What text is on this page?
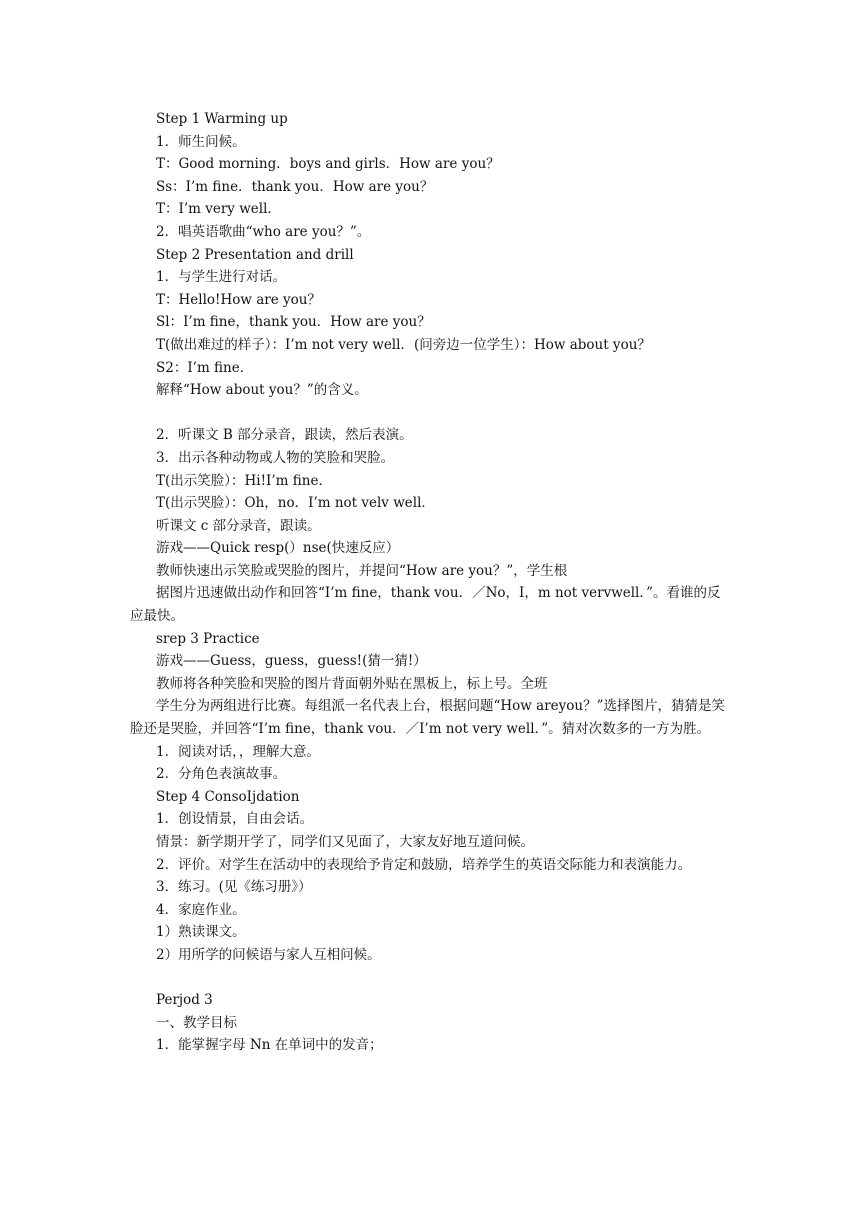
Step 1 Warming up
1．师生问候。
T：Good morning．boys and girls．How are you？
Ss：I’m fine．thank you．How are you？
T：I’m very well．
2．唱英语歌曲“who are you？”。
Step 2 Presentation and drill
1．与学生进行对话。
T：Hello!How are you？
Sl：I’m fine，thank you．How are you？
T(做出难过的样子）：I’m not very well．(问旁边一位学生）：How about you？
S2：I’m fine．
解释“How about you？”的含义。
2．听课文 B 部分录音，跟读，然后表演。
3．出示各种动物或人物的笑脸和哭脸。
T(出示笑脸）：Hi!I’m fine．
T(出示哭脸）：Oh，no．I’m not velv well．
听课文 c 部分录音，跟读。
游戏——Quick resp(）nse(快速反应）
教师快速出示笑脸或哭脸的图片，并提问“How are you？”，学生根
据图片迅速做出动作和回答“I’m fine，thank vou．／No，I，m not vervwell．”。看谁的反应最快。
srep 3 Practice
游戏——Guess，guess，guess!(猜一猜!）
教师将各种笑脸和哭脸的图片背面朝外贴在黑板上，标上号。全班
学生分为两组进行比赛。每组派一名代表上台，根据问题“How areyou？”选择图片，猜猜是笑脸还是哭脸，并回答“I’m fine，thank vou．／I’m not very well．”。猜对次数多的一方为胜。
1．阅读对话，，理解大意。
2．分角色表演故事。
Step 4 ConsoIjdation
1．创设情景，自由会话。
情景：新学期开学了，同学们又见面了，大家友好地互道问候。
2．评价。对学生在活动中的表现给予肯定和鼓励，培养学生的英语交际能力和表演能力。
3．练习。(见《练习册》）
4．家庭作业。
1）熟读课文。
2）用所学的问候语与家人互相问候。
Perjod 3
一、教学目标
1．能掌握字母 Nn 在单词中的发音；
